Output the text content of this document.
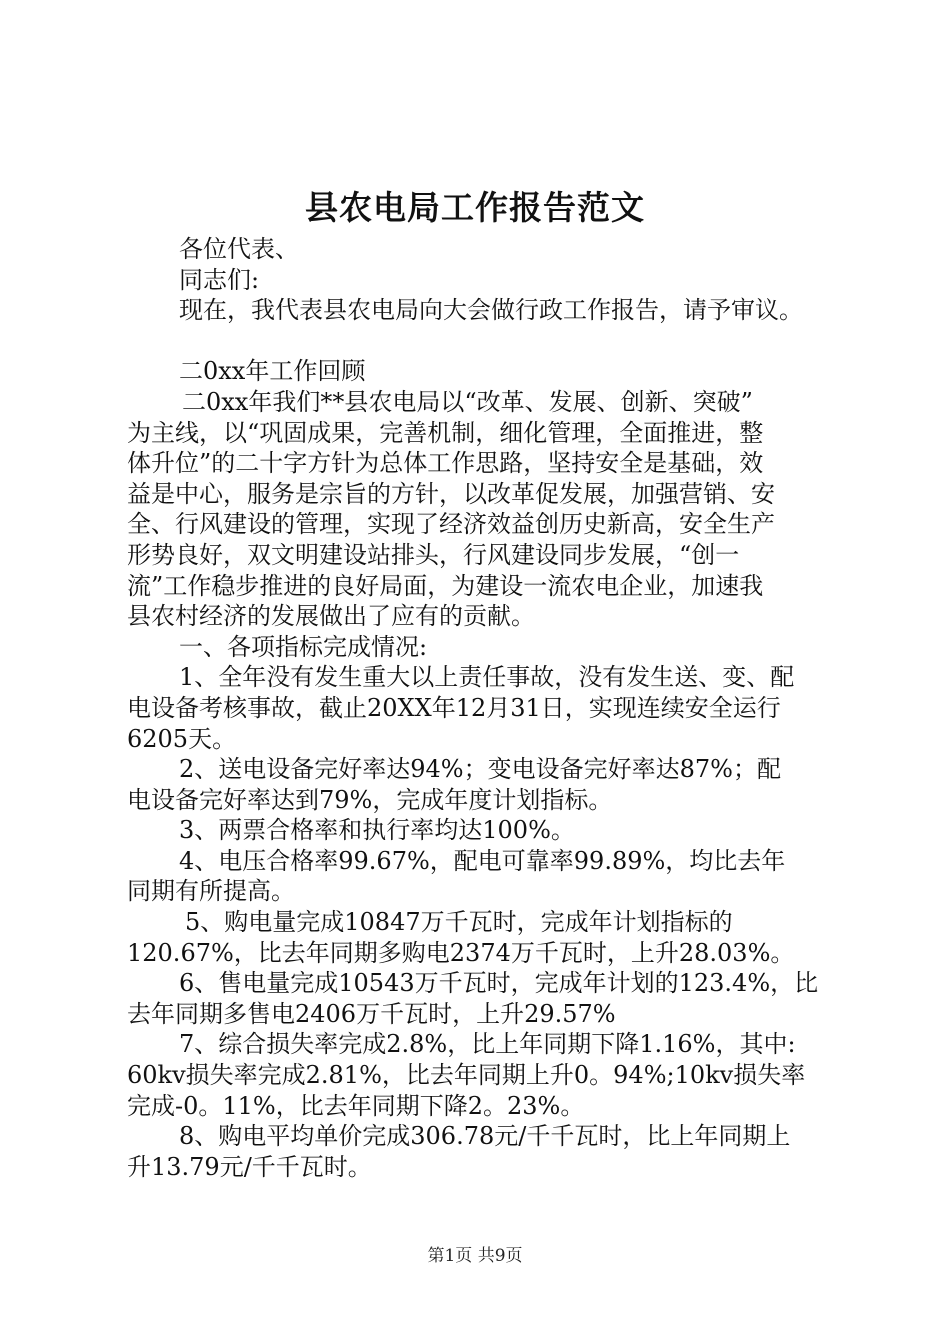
县农电局工作报告范文
各位代表、
同志们:
现在，我代表县农电局向大会做行政工作报告，请予审议。
二0xx年工作回顾
二0xx年我们**县农电局以“改革、发展、创新、突破”
为主线，以“巩固成果，完善机制，细化管理，全面推进，整
体升位”的二十字方针为总体工作思路，坚持安全是基础，效
益是中心，服务是宗旨的方针，以改革促发展，加强营销、安
全、行风建设的管理，实现了经济效益创历史新高，安全生产
形势良好，双文明建设站排头，行风建设同步发展，“创一
流”工作稳步推进的良好局面，为建设一流农电企业，加速我
县农村经济的发展做出了应有的贡献。
一、各项指标完成情况:
1、全年没有发生重大以上责任事故，没有发生送、变、配
电设备考核事故，截止20XX年12月31日，实现连续安全运行
6205天。
2、送电设备完好率达94%；变电设备完好率达87%；配
电设备完好率达到79%，完成年度计划指标。
3、两票合格率和执行率均达100%。
4、电压合格率99.67%，配电可靠率99.89%，均比去年
同期有所提高。
5、购电量完成10847万千瓦时，完成年计划指标的
120.67%，比去年同期多购电2374万千瓦时，上升28.03%。
6、售电量完成10543万千瓦时，完成年计划的123.4%，比
去年同期多售电2406万千瓦时，上升29.57%
7、综合损失率完成2.8%，比上年同期下降1.16%，其中:
60kv损失率完成2.81%，比去年同期上升0。94%;10kv损失率
完成-0。11%，比去年同期下降2。23%。
8、购电平均单价完成306.78元/千千瓦时，比上年同期上
升13.79元/千千瓦时。
第1页 共9页
